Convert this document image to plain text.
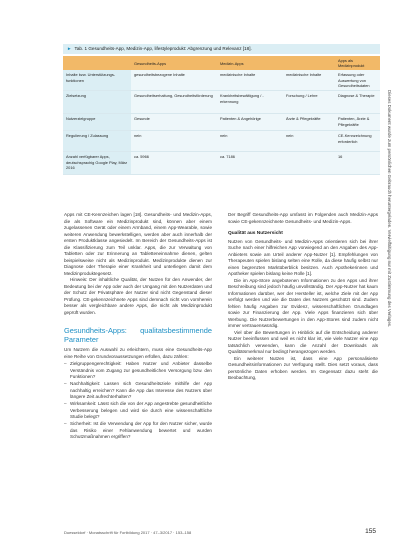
► Tab. 1 Gesundheits-App, Medizin-App, lifestyleprodukt: Abgrenzung und Relevanz [18].
	Gesundheits-Apps	Medizin-Apps		Apps als Medizinprodukt
Inhalte bzw. Unterstützungs-funktionen	gesundheitsbezogene Inhalte	medizinische Inhalte	medizinische Inhalte	Erfassung oder Auswertung von Gesundheitsdaten
Zielsetzung	Gesundheitserhaltung, Gesundheitsförderung	Krankheitsbewältigung / -erkennung	Forschung / Lehre	Diagnose & Therapie
Nutzerzielgruppe	Gesunde	Patienten & Angehörige	Ärzte & Pflegekräfte	Patienten, Ärzte & Pflegekräfte
Regulierung / Zulassung	nein	nein	nein	CE-Kennzeichnung erforderlich
Anzahl verfügbarer Apps, deutschsprachig Google Play, März 2016	ca. 5966	ca. 7186		16

Apps mit CE-Kennzeichen lagen [18]. Gesundheits- und Medizin-Apps, die als Software ein Medizinprodukt sind, können aber einem zugelassenen Gerät oder einem Armband, einem App-Wearable, sowie weiteren Anwendung bewerkstelligen, werden aber auch innerhalb der ersten Produktklasse angesiedelt. Im Bereich der Gesundheits-Apps ist die Klassifizierung zum Teil unklar. Apps, die zur Verwaltung von Tabletten oder zur Erinnerung an Tabletteneinnahme dienen, gelten beispielsweise nicht als Medizinprodukt. Medizinprodukte dienen zur Diagnose oder Therapie einer Krankheit und unterliegen damit dem Medizinproduktegesetz.

Hinweis: Der inhaltliche Qualität, der Nutzen für den Anwender, der Bedeutung bei der App oder auch der Umgang mit den Nutzerdaten und der Schutz der Privatsphäre der Nutzer sind nicht Gegenstand dieser Prüfung. CE-gekennzeichnete Apps sind demnach nicht von vornherein besser als vergleichbare andere Apps, die nicht als Medizinprodukt geprüft wurden.

Gesundheits-Apps: qualitatsbestimmende Parameter

Um Nutzern die Auswahl zu erleichtern, muss eine Gesundheits-App eine Reihe von Grundvoraussetzungen erfüllen, dazu zählen:

– Zielgruppengerechtigkeit: Haben Nutzer und Anbieter dasselbe Verständnis vom Zugang zur gesundheitlichen Versorgung bzw. den Funktionen?
– Nachhaltigkeit: Lassen sich Gesundheitsziele mithilfe der App nachhaltig erreichen? Kann die App das Interesse des Nutzers über längere Zeit aufrechterhalten?
– Wirksamkeit: Lässt sich die von der App angestrebte gesundheitliche Verbesserung belegen und wird sie durch eine wissenschaftliche Studie belegt?
– Sicherheit: Ist die Verwendung der App für den Nutzer sicher, wurde das Risiko einer Fehlanwendung bewertet und wurden Schutzmaßnahmen ergriffen?

Der Begriff Gesundheits-App umfasst im Folgenden auch Medizin-Apps sowie CE-gekennzeichnete Gesundheits- und Medizin-Apps.

Qualität aus Nutzersicht

Nutzen von Gesundheits- und Medizin-Apps orientieren sich bei ihrer Suche nach einer hilfreichen App vorwiegend an den Angaben des App-Anbieters sowie am Urteil anderer App-Nutzer [1]. Empfehlungen von Therapeuten spielen bislang selten eine Rolle, da diese häufig selbst nur einen begrenzten Marktüberblick besitzen. Auch Apothekerinnen und Apotheker spielen bislang keine Rolle [1].

Die im App-Store angebotenen Informationen zu den Apps und ihrer Beschreibung sind jedoch häufig unvollständig. Der App-Nutzer hat kaum Informationen darüber, wer der Hersteller ist, welche Ziele mit der App verfolgt werden und wie die Daten des Nutzers geschützt sind. Zudem fehlen häufig Angaben zur Evidenz, wissenschaftlichen Grundlagen sowie zur Finanzierung der App. Viele Apps finanzieren sich über Werbung. Die Nutzerbewertungen in den App-Stores sind zudem nicht immer vertrauenswürdig.

Viel über die Bewertungen in Hinblick auf die Entscheidung anderer Nutzer beeinflussen und weil es nicht klar ist, wie viele Nutzer eine App tatsächlich verwenden, kann die Anzahl der Downloads als Qualitätsmerkmal nur bedingt herangezogen werden.

Ein weiterer Nutzen ist, dass eine App personalisierte Gesundheitsinformationen zur Verfügung stellt. Dies setzt voraus, dass persönliche Daten erhoben werden. Im Gegensatz dazu steht die Beobachtung,

Dieses Dokument wurde zum persönlichen Gebrauch heruntergeladen. Vervielfältigung nur mit Zustimmung des Verlages.
Duesseldorf · Monatsschrift für Fortbildung 2017 · 47–3/2017 · 153–158	155
